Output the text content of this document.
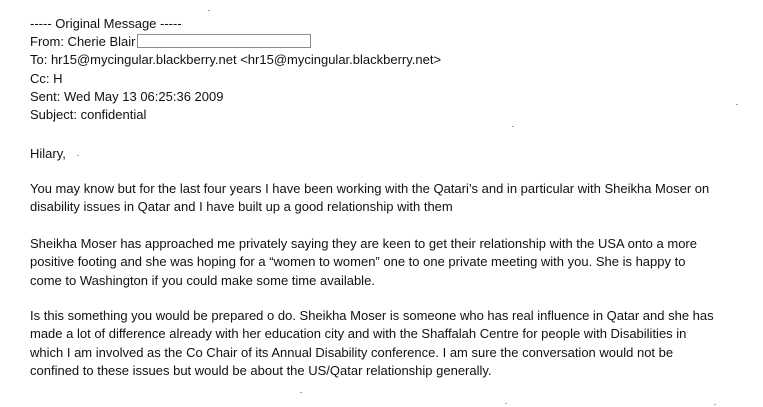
----- Original Message -----
From: Cherie Blair
To: hr15@mycingular.blackberry.net <hr15@mycingular.blackberry.net>
Cc: H
Sent: Wed May 13 06:25:36 2009
Subject: confidential
Hilary,
You may know but for the last four years I have been working with the Qatari’s and in particular with Sheikha Moser on
disability issues in Qatar and I have built up a good relationship with them
Sheikha Moser has approached me privately saying they are keen to get their relationship with the USA onto a more
positive footing and she was hoping for a “women to women” one to one private meeting with you. She is happy to
come to Washington if you could make some time available.
Is this something you would be prepared o do. Sheikha Moser is someone who has real influence in Qatar and she has
made a lot of difference already with her education city and with the Shaffalah Centre for people with Disabilities in
which I am involved as the Co Chair of its Annual Disability conference. I am sure the conversation would not be
confined to these issues but would be about the US/Qatar relationship generally.
